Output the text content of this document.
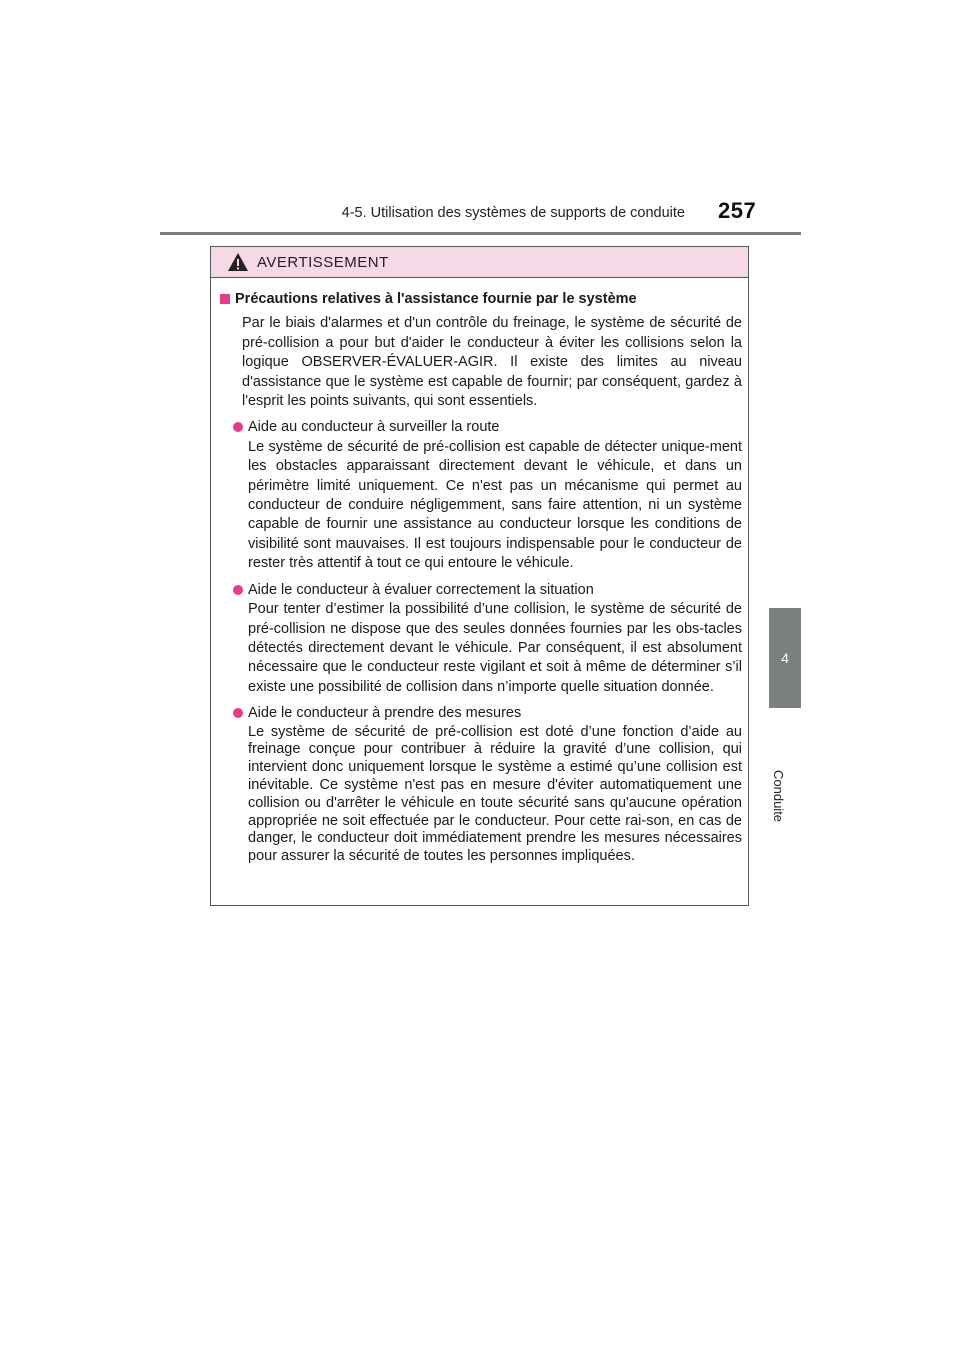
4-5. Utilisation des systèmes de supports de conduite 257
4
Conduite
AVERTISSEMENT
Précautions relatives à l'assistance fournie par le système
Par le biais d'alarmes et d'un contrôle du freinage, le système de sécurité de pré-collision a pour but d'aider le conducteur à éviter les collisions selon la logique OBSERVER-ÉVALUER-AGIR. Il existe des limites au niveau d'assistance que le système est capable de fournir; par conséquent, gardez à l'esprit les points suivants, qui sont essentiels.
Aide au conducteur à surveiller la route
Le système de sécurité de pré-collision est capable de détecter unique-ment les obstacles apparaissant directement devant le véhicule, et dans un périmètre limité uniquement. Ce n'est pas un mécanisme qui permet au conducteur de conduire négligemment, sans faire attention, ni un système capable de fournir une assistance au conducteur lorsque les conditions de visibilité sont mauvaises. Il est toujours indispensable pour le conducteur de rester très attentif à tout ce qui entoure le véhicule.
Aide le conducteur à évaluer correctement la situation
Pour tenter d’estimer la possibilité d’une collision, le système de sécurité de pré-collision ne dispose que des seules données fournies par les obs-tacles détectés directement devant le véhicule. Par conséquent, il est absolument nécessaire que le conducteur reste vigilant et soit à même de déterminer s’il existe une possibilité de collision dans n’importe quelle situation donnée.
Aide le conducteur à prendre des mesures
Le système de sécurité de pré-collision est doté d’une fonction d’aide au freinage conçue pour contribuer à réduire la gravité d’une collision, qui intervient donc uniquement lorsque le système a estimé qu’une collision est inévitable. Ce système n'est pas en mesure d'éviter automatiquement une collision ou d'arrêter le véhicule en toute sécurité sans qu'aucune opération appropriée ne soit effectuée par le conducteur. Pour cette rai-son, en cas de danger, le conducteur doit immédiatement prendre les mesures nécessaires pour assurer la sécurité de toutes les personnes impliquées.
